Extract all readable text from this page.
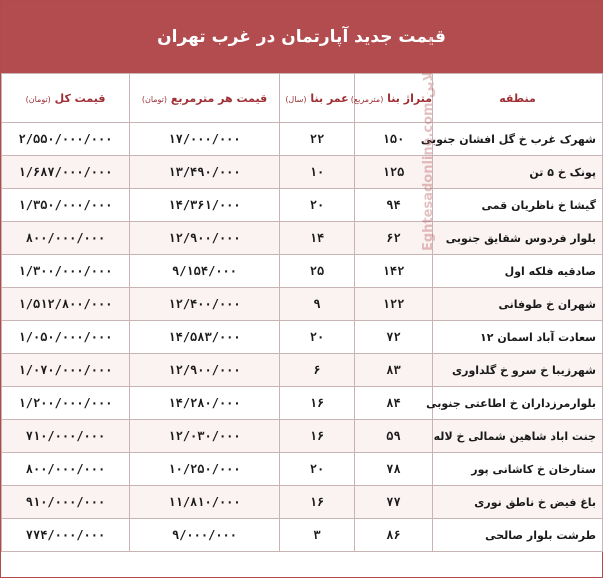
قیمت جدید آپارتمان در غرب تهران
منطقه	متراژ بنا (مترمربع)	عمر بنا (سال)	قیمت هر مترمربع (تومان)	قیمت کل (تومان)
شهرک غرب خ گل افشان جنوبی	۱۵۰	۲۲	۱۷/۰۰۰/۰۰۰	۲/۵۵۰/۰۰۰/۰۰۰
پونک خ ۵ تن	۱۲۵	۱۰	۱۳/۴۹۰/۰۰۰	۱/۶۸۷/۰۰۰/۰۰۰
گیشا خ ناظریان قمی	۹۴	۲۰	۱۴/۳۶۱/۰۰۰	۱/۳۵۰/۰۰۰/۰۰۰
بلوار فردوس شقایق جنوبی	۶۲	۱۴	۱۲/۹۰۰/۰۰۰	۸۰۰/۰۰۰/۰۰۰
صادقیه فلکه اول	۱۴۲	۲۵	۹/۱۵۴/۰۰۰	۱/۳۰۰/۰۰۰/۰۰۰
شهران خ طوفانی	۱۲۲	۹	۱۲/۴۰۰/۰۰۰	۱/۵۱۲/۸۰۰/۰۰۰
سعادت آباد اسمان ۱۲	۷۲	۲۰	۱۴/۵۸۳/۰۰۰	۱/۰۵۰/۰۰۰/۰۰۰
شهرزیبا خ سرو خ گلداوری	۸۳	۶	۱۲/۹۰۰/۰۰۰	۱/۰۷۰/۰۰۰/۰۰۰
بلوارمرزداران خ اطاعتی جنوبی	۸۴	۱۶	۱۴/۲۸۰/۰۰۰	۱/۲۰۰/۰۰۰/۰۰۰
جنت اباد شاهین شمالی خ لاله	۵۹	۱۶	۱۲/۰۳۰/۰۰۰	۷۱۰/۰۰۰/۰۰۰
ستارخان خ کاشانی پور	۷۸	۲۰	۱۰/۲۵۰/۰۰۰	۸۰۰/۰۰۰/۰۰۰
باغ فیض خ ناطق نوری	۷۷	۱۶	۱۱/۸۱۰/۰۰۰	۹۱۰/۰۰۰/۰۰۰
طرشت بلوار صالحی	۸۶	۳	۹/۰۰۰/۰۰۰	۷۷۴/۰۰۰/۰۰۰
Eghtesadonline.com اقتصاد آنلاین
